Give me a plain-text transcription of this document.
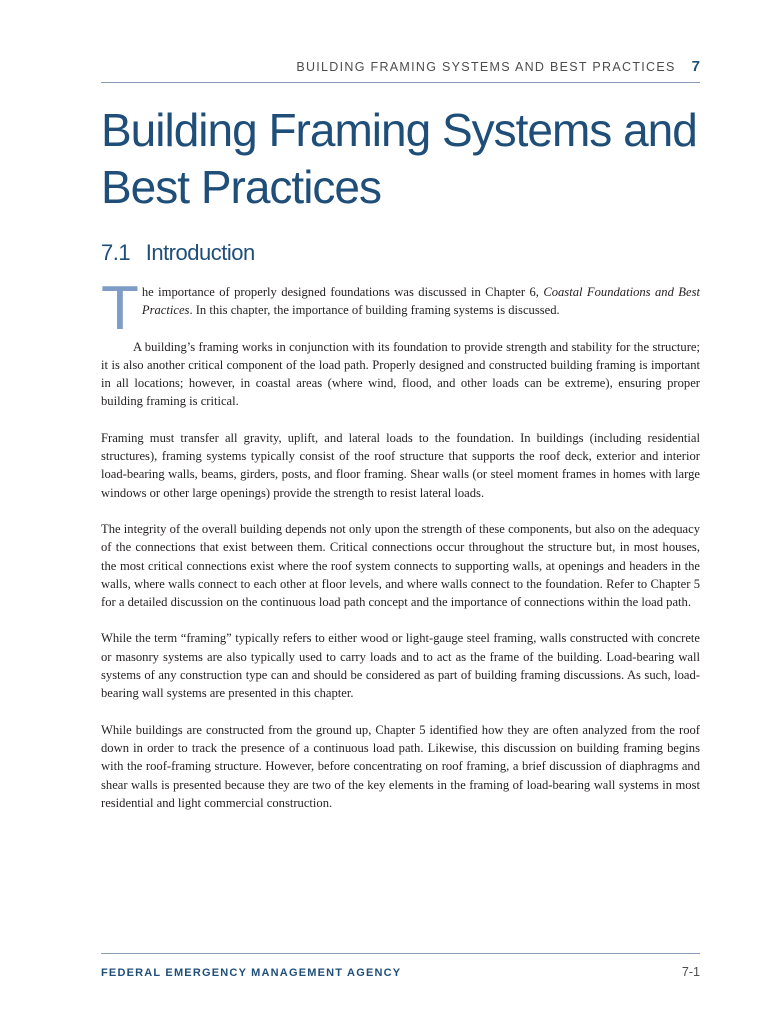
BUILDING FRAMING SYSTEMS AND BEST PRACTICES 7
Building Framing Systems and Best Practices
7.1 Introduction

The importance of properly designed foundations was discussed in Chapter 6, Coastal Foundations and Best Practices. In this chapter, the importance of building framing systems is discussed.

A building’s framing works in conjunction with its foundation to provide strength and stability for the structure; it is also another critical component of the load path. Properly designed and constructed building framing is important in all locations; however, in coastal areas (where wind, flood, and other loads can be extreme), ensuring proper building framing is critical.

Framing must transfer all gravity, uplift, and lateral loads to the foundation. In buildings (including residential structures), framing systems typically consist of the roof structure that supports the roof deck, exterior and interior load-bearing walls, beams, girders, posts, and floor framing. Shear walls (or steel moment frames in homes with large windows or other large openings) provide the strength to resist lateral loads.

The integrity of the overall building depends not only upon the strength of these components, but also on the adequacy of the connections that exist between them. Critical connections occur throughout the structure but, in most houses, the most critical connections exist where the roof system connects to supporting walls, at openings and headers in the walls, where walls connect to each other at floor levels, and where walls connect to the foundation. Refer to Chapter 5 for a detailed discussion on the continuous load path concept and the importance of connections within the load path.

While the term “framing” typically refers to either wood or light-gauge steel framing, walls constructed with concrete or masonry systems are also typically used to carry loads and to act as the frame of the building. Load-bearing wall systems of any construction type can and should be considered as part of building framing discussions. As such, load-bearing wall systems are presented in this chapter.

While buildings are constructed from the ground up, Chapter 5 identified how they are often analyzed from the roof down in order to track the presence of a continuous load path. Likewise, this discussion on building framing begins with the roof-framing structure. However, before concentrating on roof framing, a brief discussion of diaphragms and shear walls is presented because they are two of the key elements in the framing of load-bearing wall systems in most residential and light commercial construction.

FEDERAL EMERGENCY MANAGEMENT AGENCY	7-1
